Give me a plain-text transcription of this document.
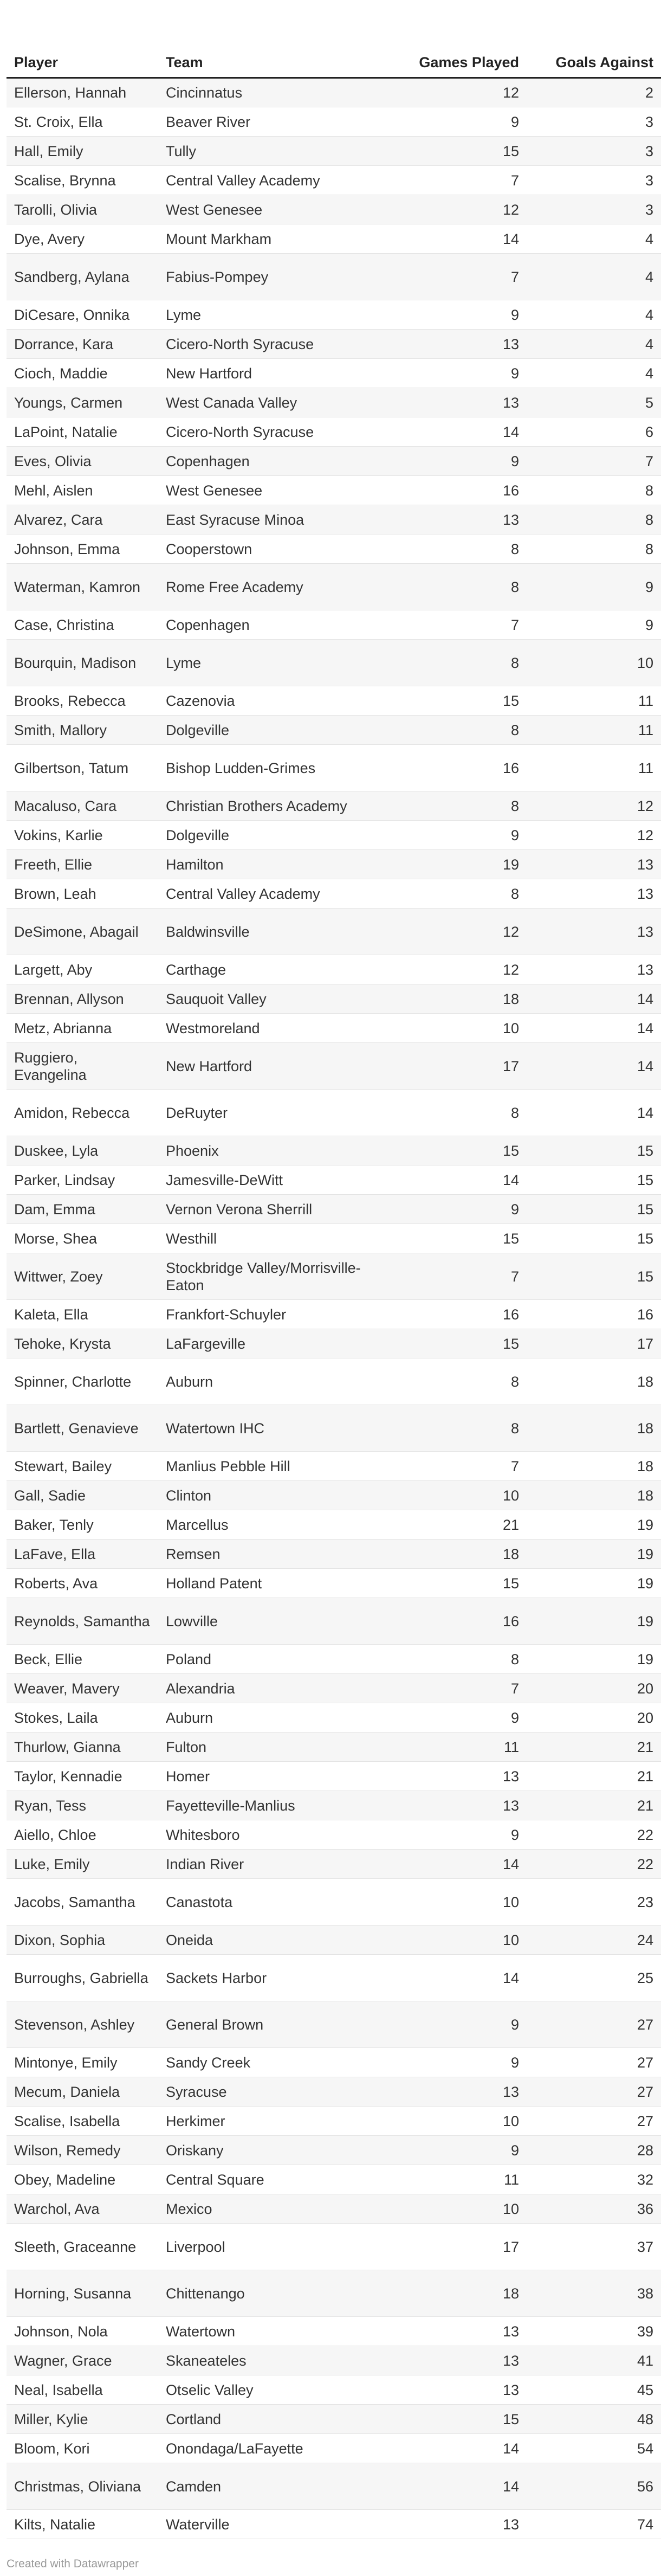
Player	Team	Games Played	Goals Against
Ellerson, Hannah	Cincinnatus	12	2
St. Croix, Ella	Beaver River	9	3
Hall, Emily	Tully	15	3
Scalise, Brynna	Central Valley Academy	7	3
Tarolli, Olivia	West Genesee	12	3
Dye, Avery	Mount Markham	14	4
Sandberg, Aylana	Fabius-Pompey	7	4
DiCesare, Onnika	Lyme	9	4
Dorrance, Kara	Cicero-North Syracuse	13	4
Cioch, Maddie	New Hartford	9	4
Youngs, Carmen	West Canada Valley	13	5
LaPoint, Natalie	Cicero-North Syracuse	14	6
Eves, Olivia	Copenhagen	9	7
Mehl, Aislen	West Genesee	16	8
Alvarez, Cara	East Syracuse Minoa	13	8
Johnson, Emma	Cooperstown	8	8
Waterman, Kamron	Rome Free Academy	8	9
Case, Christina	Copenhagen	7	9
Bourquin, Madison	Lyme	8	10
Brooks, Rebecca	Cazenovia	15	11
Smith, Mallory	Dolgeville	8	11
Gilbertson, Tatum	Bishop Ludden-Grimes	16	11
Macaluso, Cara	Christian Brothers Academy	8	12
Vokins, Karlie	Dolgeville	9	12
Freeth, Ellie	Hamilton	19	13
Brown, Leah	Central Valley Academy	8	13
DeSimone, Abagail	Baldwinsville	12	13
Largett, Aby	Carthage	12	13
Brennan, Allyson	Sauquoit Valley	18	14
Metz, Abrianna	Westmoreland	10	14
Ruggiero, Evangelina	New Hartford	17	14
Amidon, Rebecca	DeRuyter	8	14
Duskee, Lyla	Phoenix	15	15
Parker, Lindsay	Jamesville-DeWitt	14	15
Dam, Emma	Vernon Verona Sherrill	9	15
Morse, Shea	Westhill	15	15
Wittwer, Zoey	Stockbridge Valley/Morrisville-Eaton	7	15
Kaleta, Ella	Frankfort-Schuyler	16	16
Tehoke, Krysta	LaFargeville	15	17
Spinner, Charlotte	Auburn	8	18
Bartlett, Genavieve	Watertown IHC	8	18
Stewart, Bailey	Manlius Pebble Hill	7	18
Gall, Sadie	Clinton	10	18
Baker, Tenly	Marcellus	21	19
LaFave, Ella	Remsen	18	19
Roberts, Ava	Holland Patent	15	19
Reynolds, Samantha	Lowville	16	19
Beck, Ellie	Poland	8	19
Weaver, Mavery	Alexandria	7	20
Stokes, Laila	Auburn	9	20
Thurlow, Gianna	Fulton	11	21
Taylor, Kennadie	Homer	13	21
Ryan, Tess	Fayetteville-Manlius	13	21
Aiello, Chloe	Whitesboro	9	22
Luke, Emily	Indian River	14	22
Jacobs, Samantha	Canastota	10	23
Dixon, Sophia	Oneida	10	24
Burroughs, Gabriella	Sackets Harbor	14	25
Stevenson, Ashley	General Brown	9	27
Mintonye, Emily	Sandy Creek	9	27
Mecum, Daniela	Syracuse	13	27
Scalise, Isabella	Herkimer	10	27
Wilson, Remedy	Oriskany	9	28
Obey, Madeline	Central Square	11	32
Warchol, Ava	Mexico	10	36
Sleeth, Graceanne	Liverpool	17	37
Horning, Susanna	Chittenango	18	38
Johnson, Nola	Watertown	13	39
Wagner, Grace	Skaneateles	13	41
Neal, Isabella	Otselic Valley	13	45
Miller, Kylie	Cortland	15	48
Bloom, Kori	Onondaga/LaFayette	14	54
Christmas, Oliviana	Camden	14	56
Kilts, Natalie	Waterville	13	74
Created with Datawrapper
